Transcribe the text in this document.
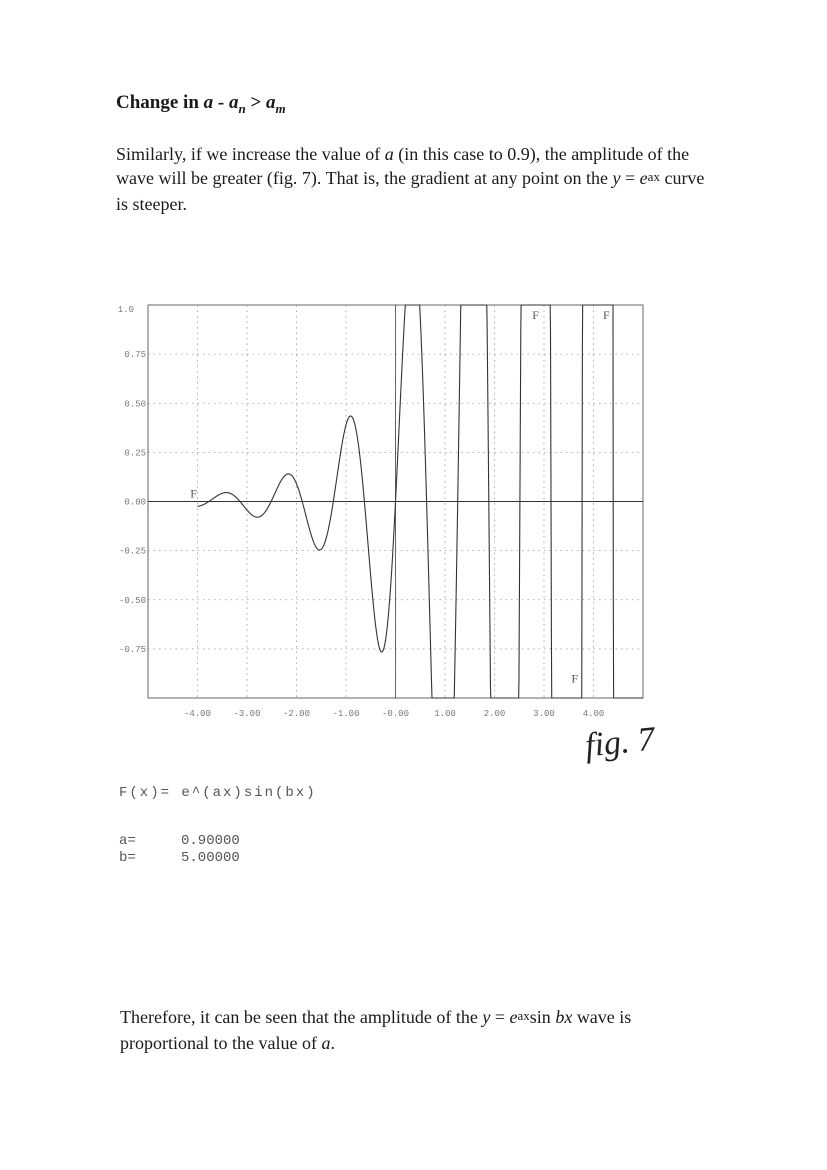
Change in $a - a_n > a_m$

Similarly, if we increase the value of a (in this case to 0.9), the amplitude of the wave will be greater (fig. 7). That is, the gradient at any point on the $y = e^{ax}$ curve is steeper.

-4.00 -3.00 -2.00 -1.00 -0.00	1.00	2.00	3.00	4.00
0.75
0.50
0.25
0.00
-0.25
-0.50
-0.75
1.0
F
F
F
F
fig. 7
F(x)= e^(ax)sin(bx)
a=	0.90000
b=	5.00000

Therefore, it can be seen that the amplitude of the $y = e^{ax}\sin$ bx wave is proportional to the value of a.
